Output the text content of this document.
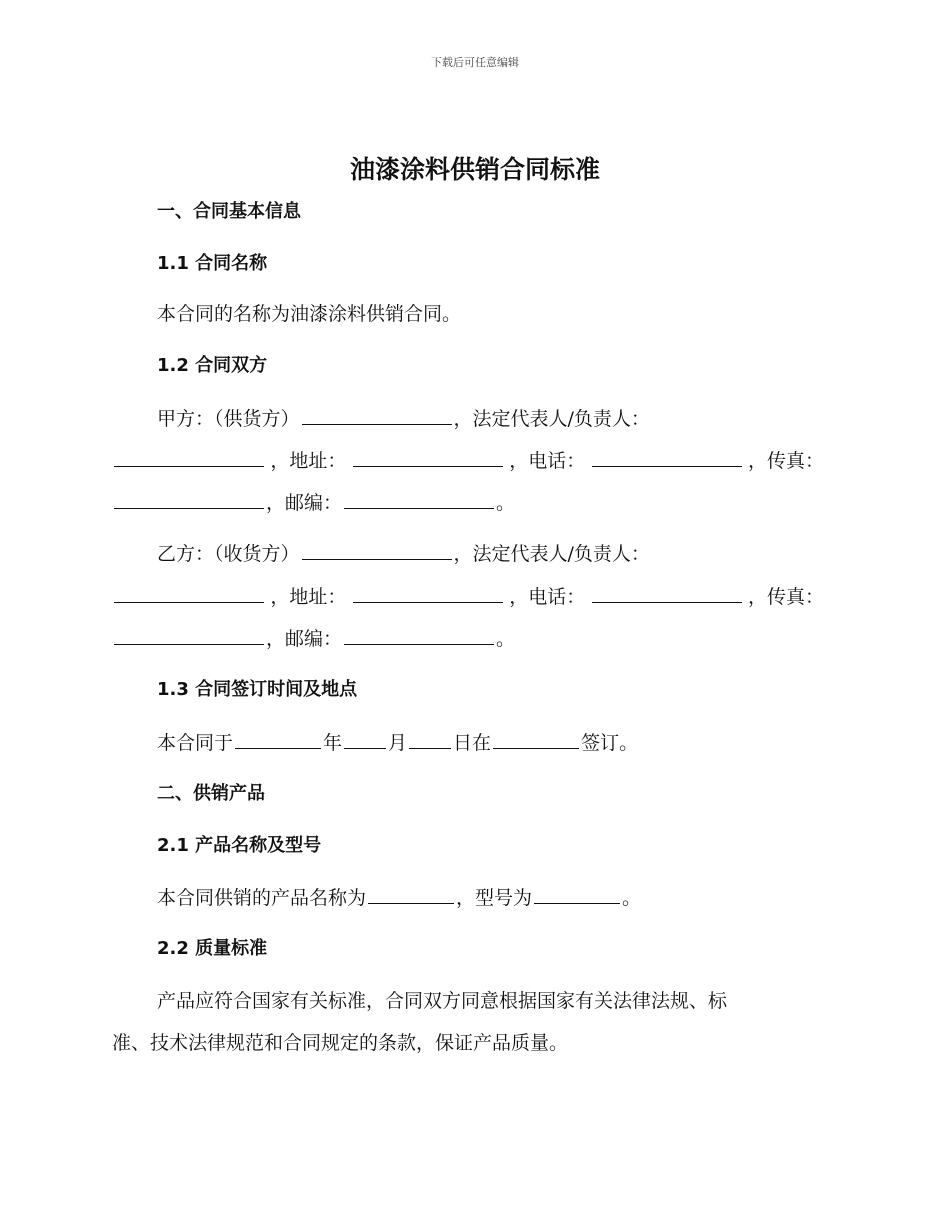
下载后可任意编辑
油漆涂料供销合同标准
一、合同基本信息
1.1 合同名称
本合同的名称为油漆涂料供销合同。
1.2 合同双方
甲方：（供货方）	，法定代表人/负责人：
，地址：	，电话：	，传真：
，邮编：	。
乙方：（收货方）	，法定代表人/负责人：
，地址：	，电话：	，传真：
，邮编：	。
1.3 合同签订时间及地点
本合同于	年 月 日在	签订。
二、供销产品
2.1 产品名称及型号
本合同供销的产品名称为	，型号为	。
2.2 质量标准
产品应符合国家有关标准，合同双方同意根据国家有关法律法规、标
准、技术法律规范和合同规定的条款，保证产品质量。
